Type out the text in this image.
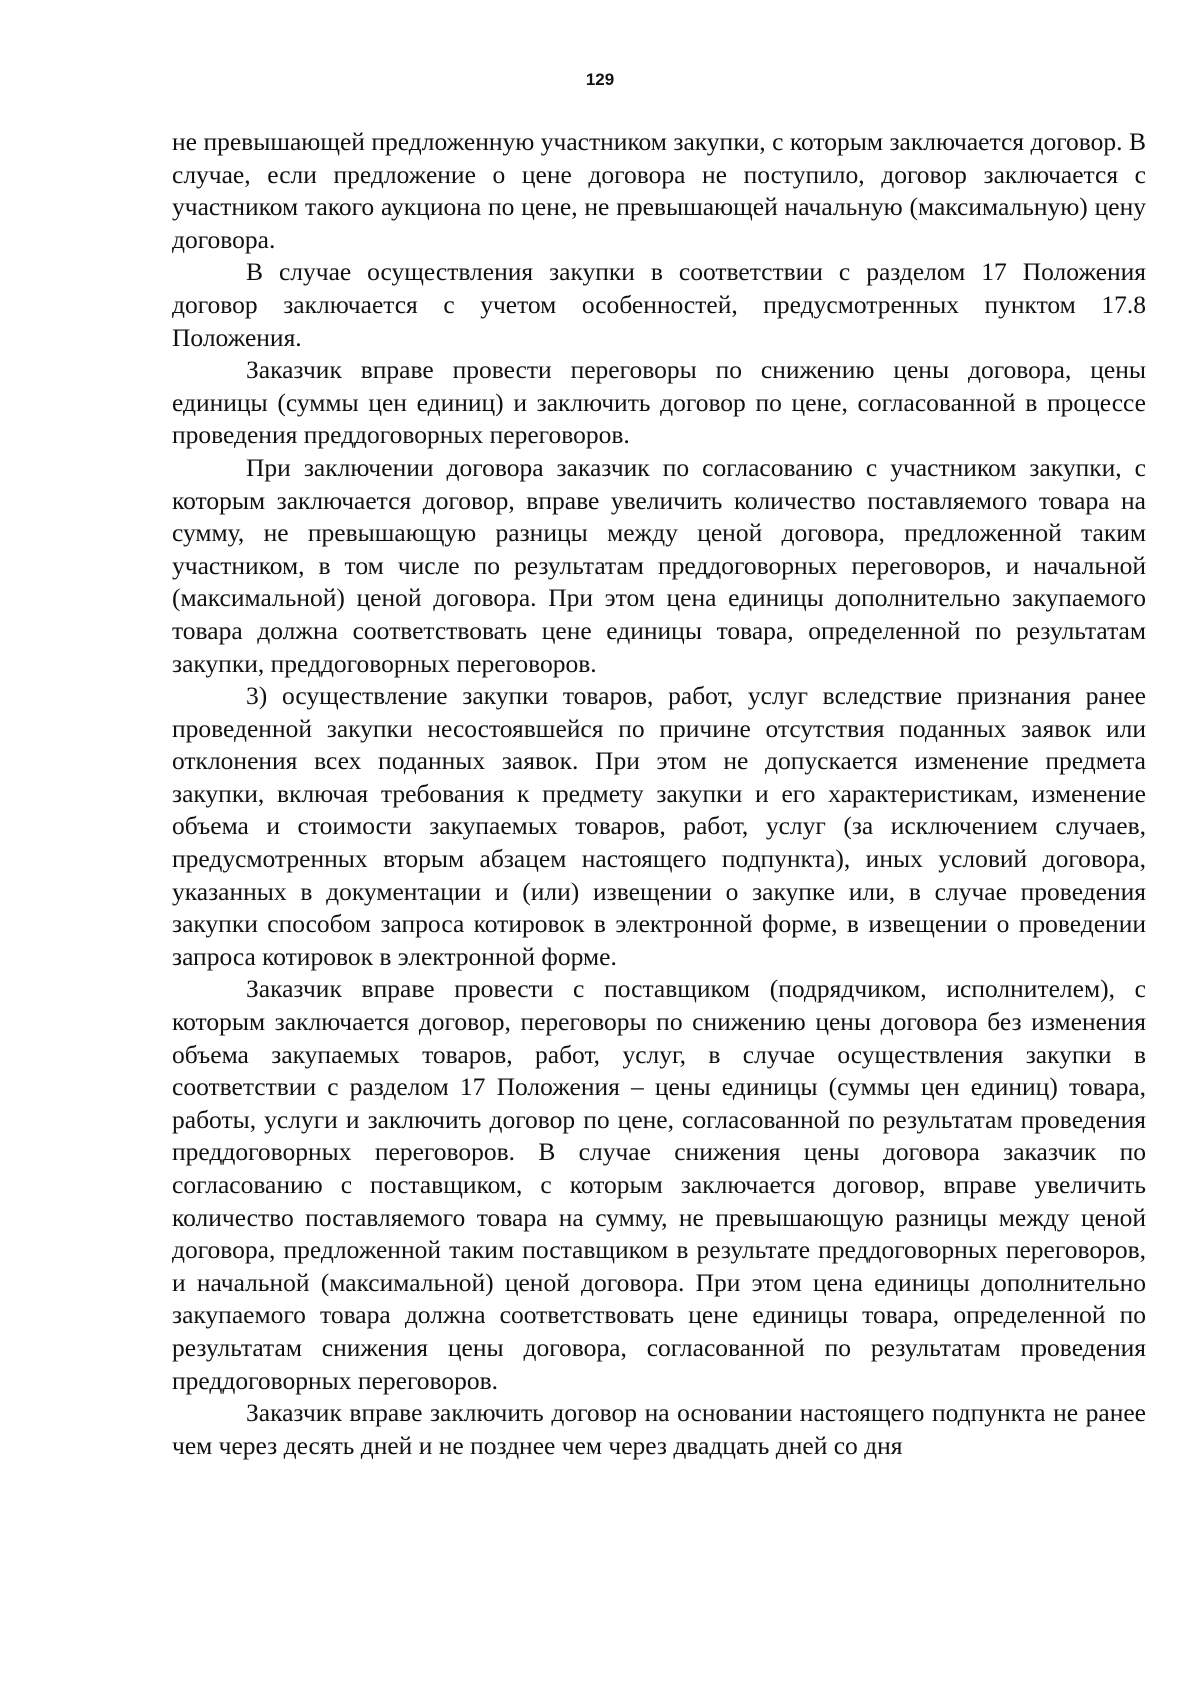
129

не превышающей предложенную участником закупки, с которым заключается договор. В случае, если предложение о цене договора не поступило, договор заключается с участником такого аукциона по цене, не превышающей начальную (максимальную) цену договора.

В случае осуществления закупки в соответствии с разделом 17 Положения договор заключается с учетом особенностей, предусмотренных пунктом 17.8 Положения.

Заказчик вправе провести переговоры по снижению цены договора, цены единицы (суммы цен единиц) и заключить договор по цене, согласованной в процессе проведения преддоговорных переговоров.

При заключении договора заказчик по согласованию с участником закупки, с которым заключается договор, вправе увеличить количество поставляемого товара на сумму, не превышающую разницы между ценой договора, предложенной таким участником, в том числе по результатам преддоговорных переговоров, и начальной (максимальной) ценой договора. При этом цена единицы дополнительно закупаемого товара должна соответствовать цене единицы товара, определенной по результатам закупки, преддоговорных переговоров.

3) осуществление закупки товаров, работ, услуг вследствие признания ранее проведенной закупки несостоявшейся по причине отсутствия поданных заявок или отклонения всех поданных заявок. При этом не допускается изменение предмета закупки, включая требования к предмету закупки и его характеристикам, изменение объема и стоимости закупаемых товаров, работ, услуг (за исключением случаев, предусмотренных вторым абзацем настоящего подпункта), иных условий договора, указанных в документации и (или) извещении о закупке или, в случае проведения закупки способом запроса котировок в электронной форме, в извещении о проведении запроса котировок в электронной форме.

Заказчик вправе провести с поставщиком (подрядчиком, исполнителем), с которым заключается договор, переговоры по снижению цены договора без изменения объема закупаемых товаров, работ, услуг, в случае осуществления закупки в соответствии с разделом 17 Положения – цены единицы (суммы цен единиц) товара, работы, услуги и заключить договор по цене, согласованной по результатам проведения преддоговорных переговоров. В случае снижения цены договора заказчик по согласованию с поставщиком, с которым заключается договор, вправе увеличить количество поставляемого товара на сумму, не превышающую разницы между ценой договора, предложенной таким поставщиком в результате преддоговорных переговоров, и начальной (максимальной) ценой договора. При этом цена единицы дополнительно закупаемого товара должна соответствовать цене единицы товара, определенной по результатам снижения цены договора, согласованной по результатам проведения преддоговорных переговоров.

Заказчик вправе заключить договор на основании настоящего подпункта не ранее чем через десять дней и не позднее чем через двадцать дней со дня
